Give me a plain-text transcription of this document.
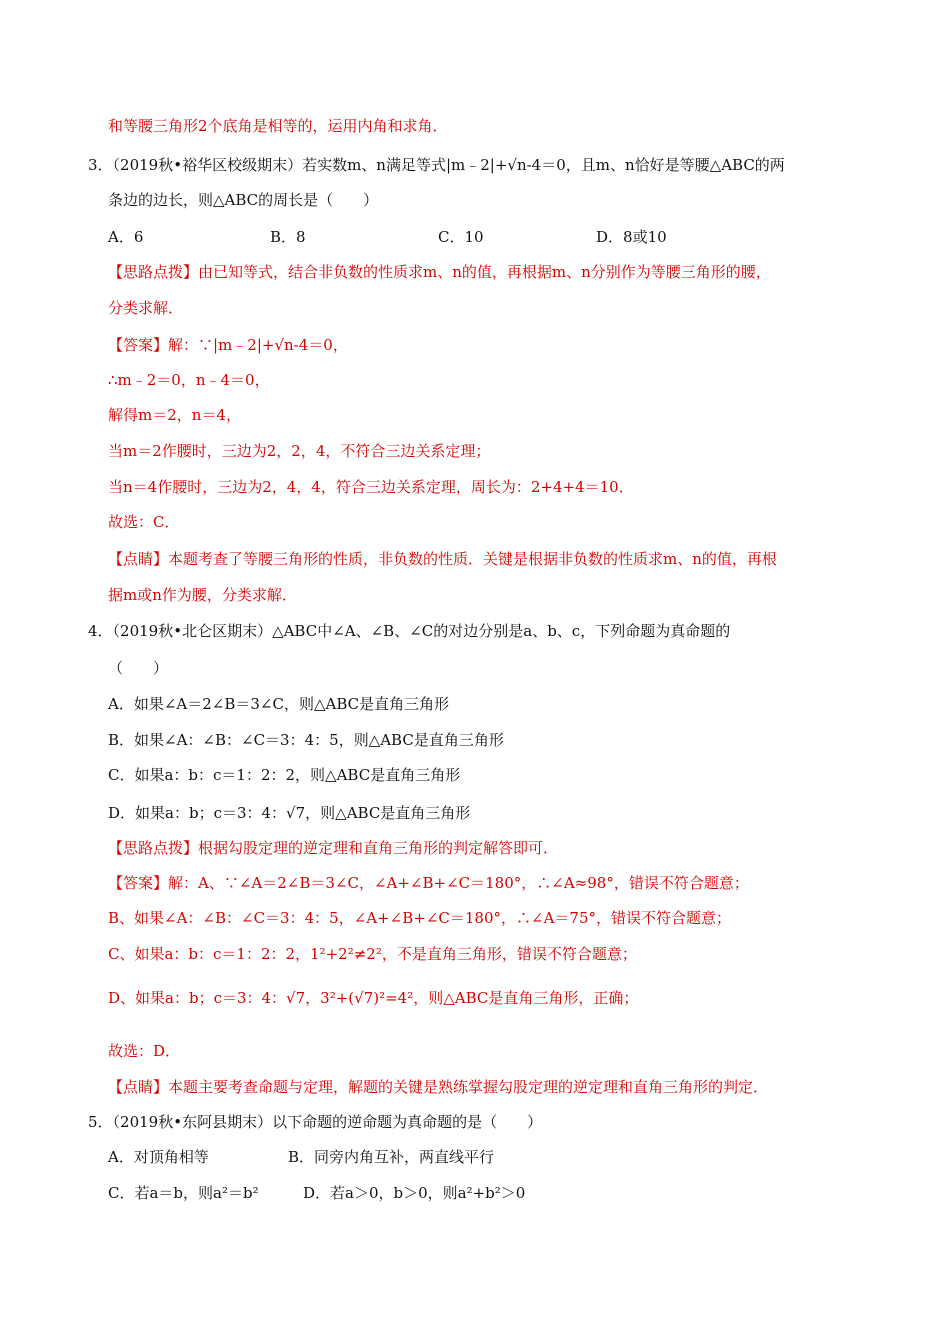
和等腰三角形2个底角是相等的，运用内角和求角．
3．（2019秋•裕华区校级期末）若实数m、n满足等式|m﹣2|+√n-4＝0，且m、n恰好是等腰△ABC的两
条边的边长，则△ABC的周长是（　　）
A．6	B．8	C．10	D．8或10
【思路点拨】由已知等式，结合非负数的性质求m、n的值，再根据m、n分别作为等腰三角形的腰，
分类求解．
【答案】解：∵|m﹣2|+√n-4＝0，
∴m﹣2＝0，n﹣4＝0，
解得m＝2，n＝4，
当m＝2作腰时，三边为2，2，4，不符合三边关系定理；
当n＝4作腰时，三边为2，4，4，符合三边关系定理，周长为：2+4+4＝10．
故选：C．
【点睛】本题考查了等腰三角形的性质，非负数的性质．关键是根据非负数的性质求m、n的值，再根
据m或n作为腰，分类求解．
4．（2019秋•北仑区期末）△ABC中∠A、∠B、∠C的对边分别是a、b、c，下列命题为真命题的
（　　）
A．如果∠A＝2∠B＝3∠C，则△ABC是直角三角形
B．如果∠A：∠B：∠C＝3：4：5，则△ABC是直角三角形
C．如果a：b：c＝1：2：2，则△ABC是直角三角形
D．如果a：b；c＝3：4：√7，则△ABC是直角三角形
【思路点拨】根据勾股定理的逆定理和直角三角形的判定解答即可．
【答案】解：A、∵∠A＝2∠B＝3∠C，∠A+∠B+∠C＝180°，∴∠A≈98°，错误不符合题意；
B、如果∠A：∠B：∠C＝3：4：5，∠A+∠B+∠C＝180°，∴∠A＝75°，错误不符合题意；
C、如果a：b：c＝1：2：2，1²+2²≠2²，不是直角三角形，错误不符合题意；
D、如果a：b；c＝3：4：√7，3²+(√7)²=4²，则△ABC是直角三角形，正确；
故选：D．
【点睛】本题主要考查命题与定理，解题的关键是熟练掌握勾股定理的逆定理和直角三角形的判定．
5．（2019秋•东阿县期末）以下命题的逆命题为真命题的是（　　）
A．对顶角相等	B．同旁内角互补，两直线平行
C．若a＝b，则a²＝b²	D．若a＞0，b＞0，则a²+b²＞0
